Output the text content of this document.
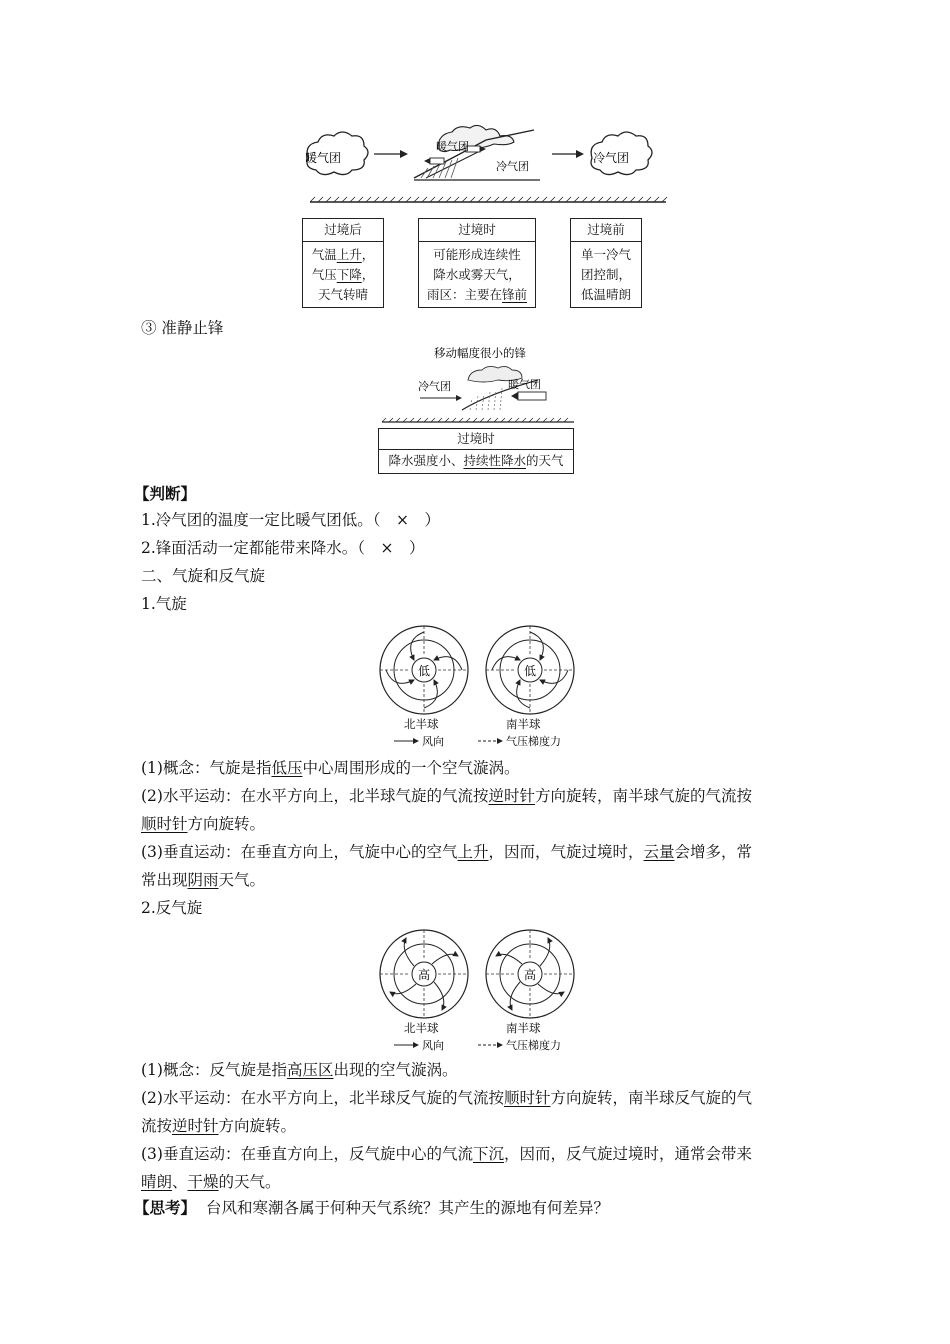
暖气团
暖气团
冷气团
冷气团
过境后
气温上升，
气压下降，
天气转晴
过境时
可能形成连续性
降水或雾天气，
雨区：主要在锋前
过境前
单一冷气
团控制，
低温晴朗
③ 准静止锋
移动幅度很小的锋
冷气团	暖气团
过境时
降水强度小、持续性降水的天气
【判断】
1.冷气团的温度一定比暖气团低。（　×　）
2.锋面活动一定都能带来降水。（　×　）
二、气旋和反气旋
1.气旋
低	低
北半球	南半球
风向	气压梯度力
(1)概念：气旋是指低压中心周围形成的一个空气漩涡。
(2)水平运动：在水平方向上，北半球气旋的气流按逆时针方向旋转，南半球气旋的气流按
顺时针方向旋转。
(3)垂直运动：在垂直方向上，气旋中心的空气上升，因而，气旋过境时，云量会增多，常
常出现阴雨天气。
2.反气旋
高	高
北半球	南半球
风向	气压梯度力
(1)概念：反气旋是指高压区出现的空气漩涡。
(2)水平运动：在水平方向上，北半球反气旋的气流按顺时针方向旋转，南半球反气旋的气
流按逆时针方向旋转。
(3)垂直运动：在垂直方向上，反气旋中心的气流下沉，因而，反气旋过境时，通常会带来
晴朗、干燥的天气。
【思考】 台风和寒潮各属于何种天气系统？其产生的源地有何差异？
